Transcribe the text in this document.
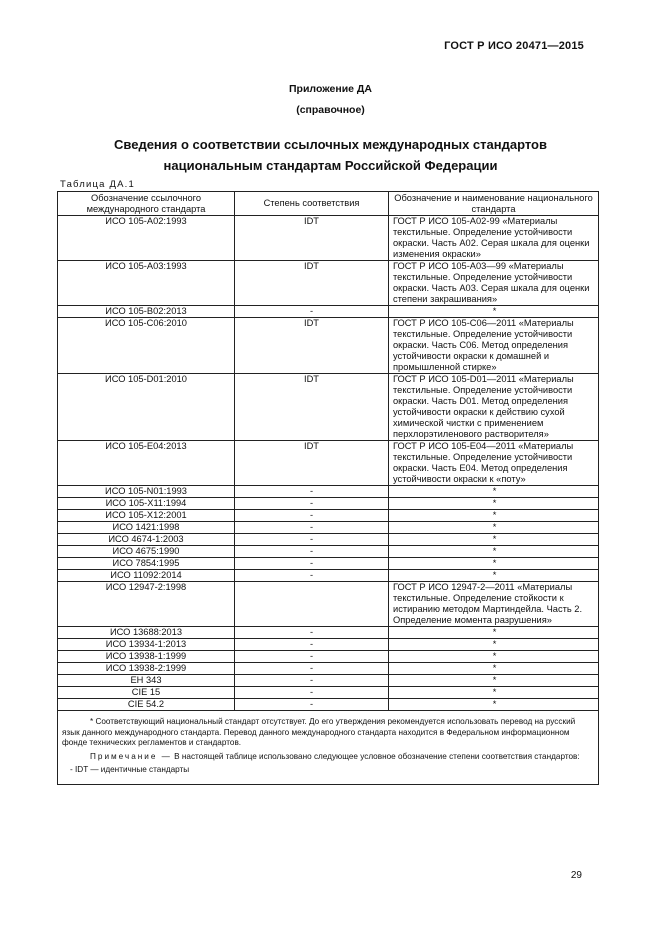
ГОСТ Р ИСО 20471—2015
Приложение ДА
(справочное)
Сведения о соответствии ссылочных международных стандартов
национальным стандартам Российской Федерации
Таблица ДА.1
Обозначение ссылочного международного стандарта	Степень соответствия	Обозначение и наименование национального стандарта
ИСО 105-А02:1993	IDT	ГОСТ Р ИСО 105-А02-99 «Материалы текстильные. Определение устойчивости окраски. Часть А02. Серая шкала для оценки изменения окраски»
ИСО 105-А03:1993	IDT	ГОСТ Р ИСО 105-А03—99 «Материалы текстильные. Определение устойчивости окраски. Часть А03. Серая шкала для оценки степени закрашивания»
ИСО 105-В02:2013	-	*
ИСО 105-С06:2010	IDT	ГОСТ Р ИСО 105-С06—2011 «Материалы текстильные. Определение устойчивости окраски. Часть С06. Метод определения устойчивости окраски к домашней и промышленной стирке»
ИСО 105-D01:2010	IDT	ГОСТ Р ИСО 105-D01—2011 «Материалы текстильные. Определение устойчивости окраски. Часть D01. Метод определения устойчивости окраски к действию сухой химической чистки с применением перхлорэтиленового растворителя»
ИСО 105-Е04:2013	IDT	ГОСТ Р ИСО 105-Е04—2011 «Материалы текстильные. Определение устойчивости окраски. Часть Е04. Метод определения устойчивости окраски к «поту»
ИСО 105-N01:1993	-	*
ИСО 105-Х11:1994	-	*
ИСО 105-Х12:2001	-	*
ИСО 1421:1998	-	*
ИСО 4674-1:2003	-	*
ИСО 4675:1990	-	*
ИСО 7854:1995	-	*
ИСО 11092:2014	-	*
ИСО 12947-2:1998		ГОСТ Р ИСО 12947-2—2011 «Материалы текстильные. Определение стойкости к истиранию методом Мартиндейла. Часть 2. Определение момента разрушения»
ИСО 13688:2013	-	*
ИСО 13934-1:2013	-	*
ИСО 13938-1:1999	-	*
ИСО 13938-2:1999	-	*
EH 343	-	*
CIE 15	-	*
CIE 54.2	-	*

* Соответствующий национальный стандарт отсутствует. До его утверждения рекомендуется использовать перевод на русский язык данного международного стандарта. Перевод данного международного стандарта находится в Федеральном информационном фонде технических регламентов и стандартов.

Примечание — В настоящей таблице использовано следующее условное обозначение степени соответствия стандартов:

- IDT — идентичные стандарты		

29
